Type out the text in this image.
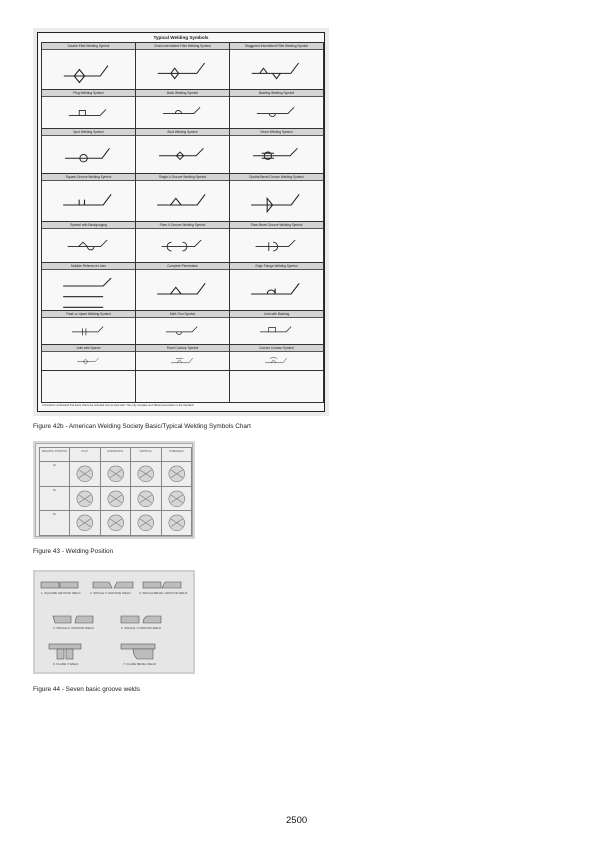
Typical Welding Symbols
Double-Fillet Welding Symbol	Chain Intermittent Fillet Welding Symbol	Staggered Intermittent Fillet Welding Symbol
Plug Welding Symbol	Back Welding Symbol	Backing Welding Symbol
Spot Welding Symbol	Stud Welding Symbol	Seam Welding Symbol
Square-Groove Welding Symbol	Single-V-Groove Welding Symbol	Double-Bevel-Groove Welding Symbol
Symbol with Backgouging	Flare-V-Groove Welding Symbol	Flare-Bevel-Groove Welding Symbol
Multiple Reference Lines	Complete Penetration	Edge Flange Welding Symbol
Flash or Upset Welding Symbol	Melt-Thru Symbol	Joint with Backing
Joint with Spacer	Flush Contour Symbol	Convex Contour Symbol
It should be understood that these charts are intended only as shop aids. The only complete and official presentation is the standard.
Figure 42b - American Welding Society Basic/Typical Welding Symbols Chart
WELDING POSITION	FLAT	HORIZONTAL	VERTICAL	OVERHEAD
1G
2G
3G
Figure 43 - Welding Position
1. SQUARE GROOVE WELD	2. SINGLE V GROOVE WELD	3. SINGLE BEVEL GROOVE WELD
4. SINGLE U GROOVE WELD	5. SINGLE J GROOVE WELD
6. FLARE V WELD	7. FLARE BEVEL WELD
Figure 44 - Seven basic groove welds
2500
